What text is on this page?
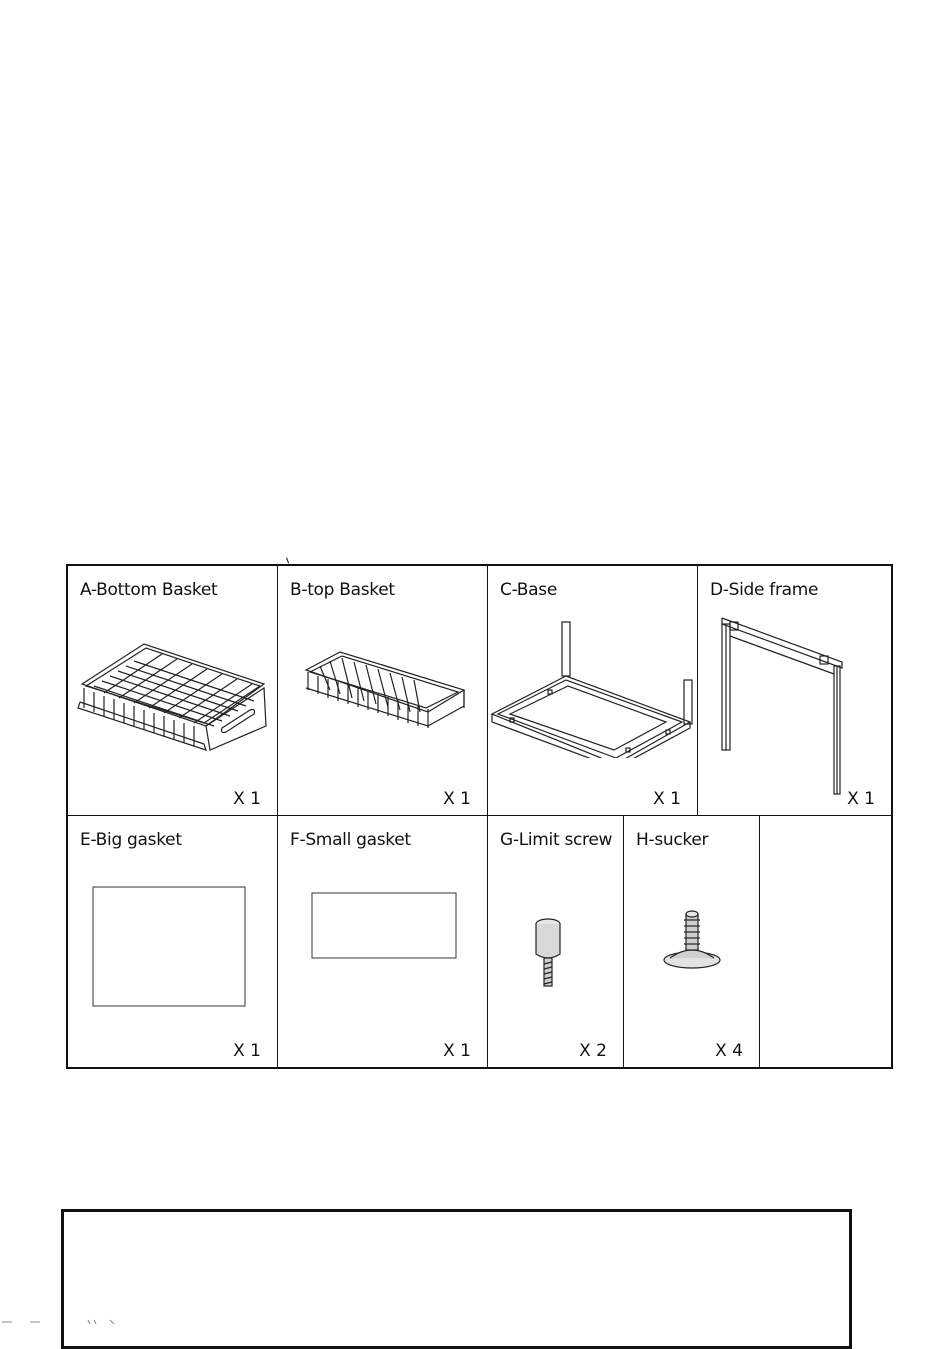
A-Bottom Basket
X 1
B-top Basket
X 1
C-Base
X 1
D-Side frame
X 1
E-Big gasket
X 1
F-Small gasket
X 1
G-Limit screw
X 2
H-sucker
X 4
